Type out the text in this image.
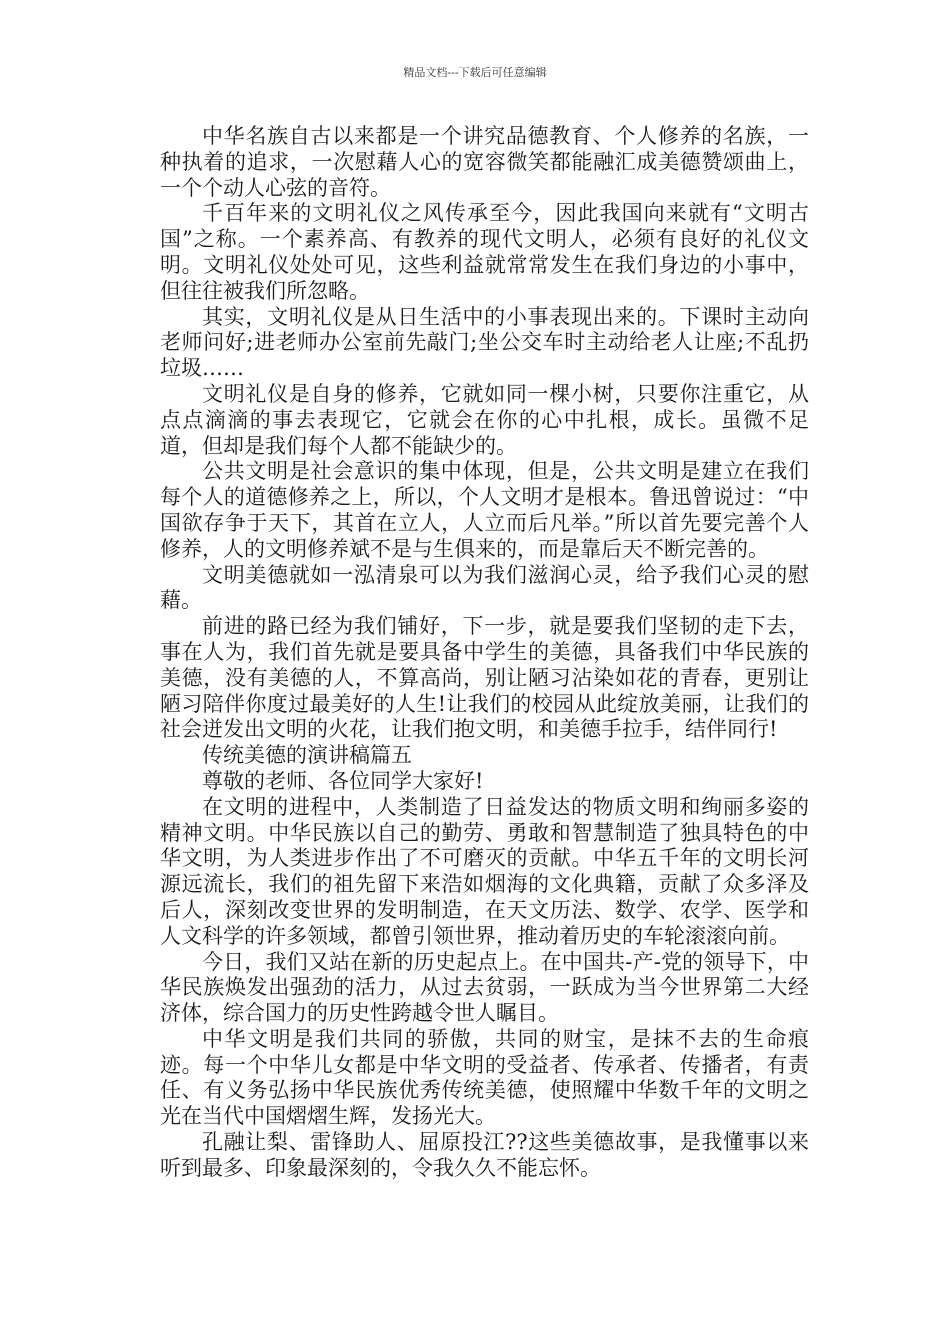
精品文档---下载后可任意编辑

中华名族自古以来都是一个讲究品德教育、个人修养的名族，一种执着的追求，一次慰藉人心的宽容微笑都能融汇成美德赞颂曲上，一个个动人心弦的音符。

千百年来的文明礼仪之风传承至今，因此我国向来就有“文明古国”之称。一个素养高、有教养的现代文明人，必须有良好的礼仪文明。文明礼仪处处可见，这些利益就常常发生在我们身边的小事中，但往往被我们所忽略。

其实，文明礼仪是从日生活中的小事表现出来的。下课时主动向老师问好;进老师办公室前先敲门;坐公交车时主动给老人让座;不乱扔垃圾……

文明礼仪是自身的修养，它就如同一棵小树，只要你注重它，从点点滴滴的事去表现它，它就会在你的心中扎根，成长。虽微不足道，但却是我们每个人都不能缺少的。

公共文明是社会意识的集中体现，但是，公共文明是建立在我们每个人的道德修养之上，所以，个人文明才是根本。鲁迅曾说过：“中国欲存争于天下，其首在立人，人立而后凡举。”所以首先要完善个人修养，人的文明修养斌不是与生俱来的，而是靠后天不断完善的。

文明美德就如一泓清泉可以为我们滋润心灵，给予我们心灵的慰藉。

前进的路已经为我们铺好，下一步，就是要我们坚韧的走下去，事在人为，我们首先就是要具备中学生的美德，具备我们中华民族的美德，没有美德的人，不算高尚，别让陋习沾染如花的青春，更别让陋习陪伴你度过最美好的人生!让我们的校园从此绽放美丽，让我们的社会迸发出文明的火花，让我们抱文明，和美德手拉手，结伴同行!

传统美德的演讲稿篇五

尊敬的老师、各位同学大家好!

在文明的进程中，人类制造了日益发达的物质文明和绚丽多姿的精神文明。中华民族以自己的勤劳、勇敢和智慧制造了独具特色的中华文明，为人类进步作出了不可磨灭的贡献。中华五千年的文明长河源远流长，我们的祖先留下来浩如烟海的文化典籍，贡献了众多泽及后人，深刻改变世界的发明制造，在天文历法、数学、农学、医学和人文科学的许多领域，都曾引领世界，推动着历史的车轮滚滚向前。

今日，我们又站在新的历史起点上。在中国共-产-党的领导下，中华民族焕发出强劲的活力，从过去贫弱，一跃成为当今世界第二大经济体，综合国力的历史性跨越令世人瞩目。

中华文明是我们共同的骄傲，共同的财宝，是抹不去的生命痕迹。每一个中华儿女都是中华文明的受益者、传承者、传播者，有责任、有义务弘扬中华民族优秀传统美德，使照耀中华数千年的文明之光在当代中国熠熠生辉，发扬光大。

孔融让梨、雷锋助人、屈原投江??这些美德故事，是我懂事以来听到最多、印象最深刻的，令我久久不能忘怀。
